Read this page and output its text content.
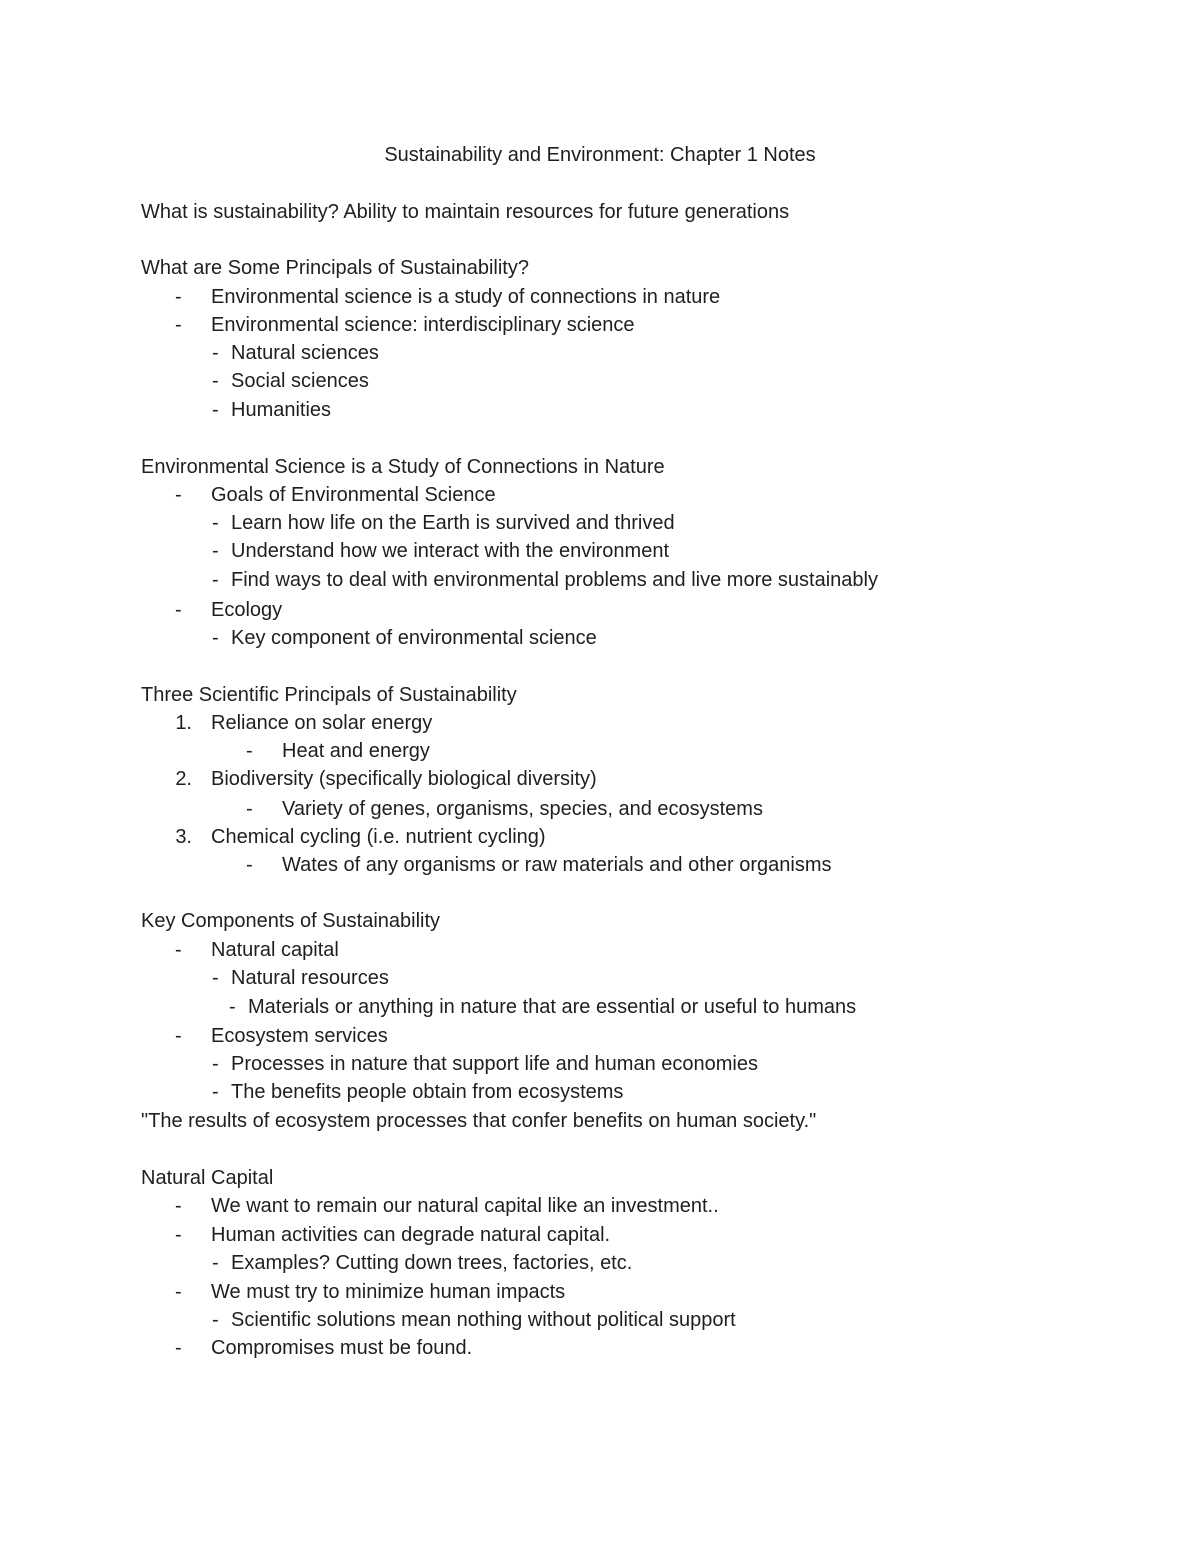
Sustainability and Environment: Chapter 1 Notes
What is sustainability? Ability to maintain resources for future generations
What are Some Principals of Sustainability?
- Environmental science is a study of connections in nature
- Environmental science: interdisciplinary science
- Natural sciences
- Social sciences
- Humanities
Environmental Science is a Study of Connections in Nature
- Goals of Environmental Science
- Learn how life on the Earth is survived and thrived
- Understand how we interact with the environment
- Find ways to deal with environmental problems and live more sustainably
- Ecology
- Key component of environmental science
Three Scientific Principals of Sustainability
1. Reliance on solar energy
- Heat and energy
2. Biodiversity (specifically biological diversity)
- Variety of genes, organisms, species, and ecosystems
3. Chemical cycling (i.e. nutrient cycling)
- Wates of any organisms or raw materials and other organisms
Key Components of Sustainability
- Natural capital
- Natural resources
- Materials or anything in nature that are essential or useful to humans
- Ecosystem services
- Processes in nature that support life and human economies
- The benefits people obtain from ecosystems
"The results of ecosystem processes that confer benefits on human society."
Natural Capital
- We want to remain our natural capital like an investment..
- Human activities can degrade natural capital.
- Examples? Cutting down trees, factories, etc.
- We must try to minimize human impacts
- Scientific solutions mean nothing without political support
- Compromises must be found.
